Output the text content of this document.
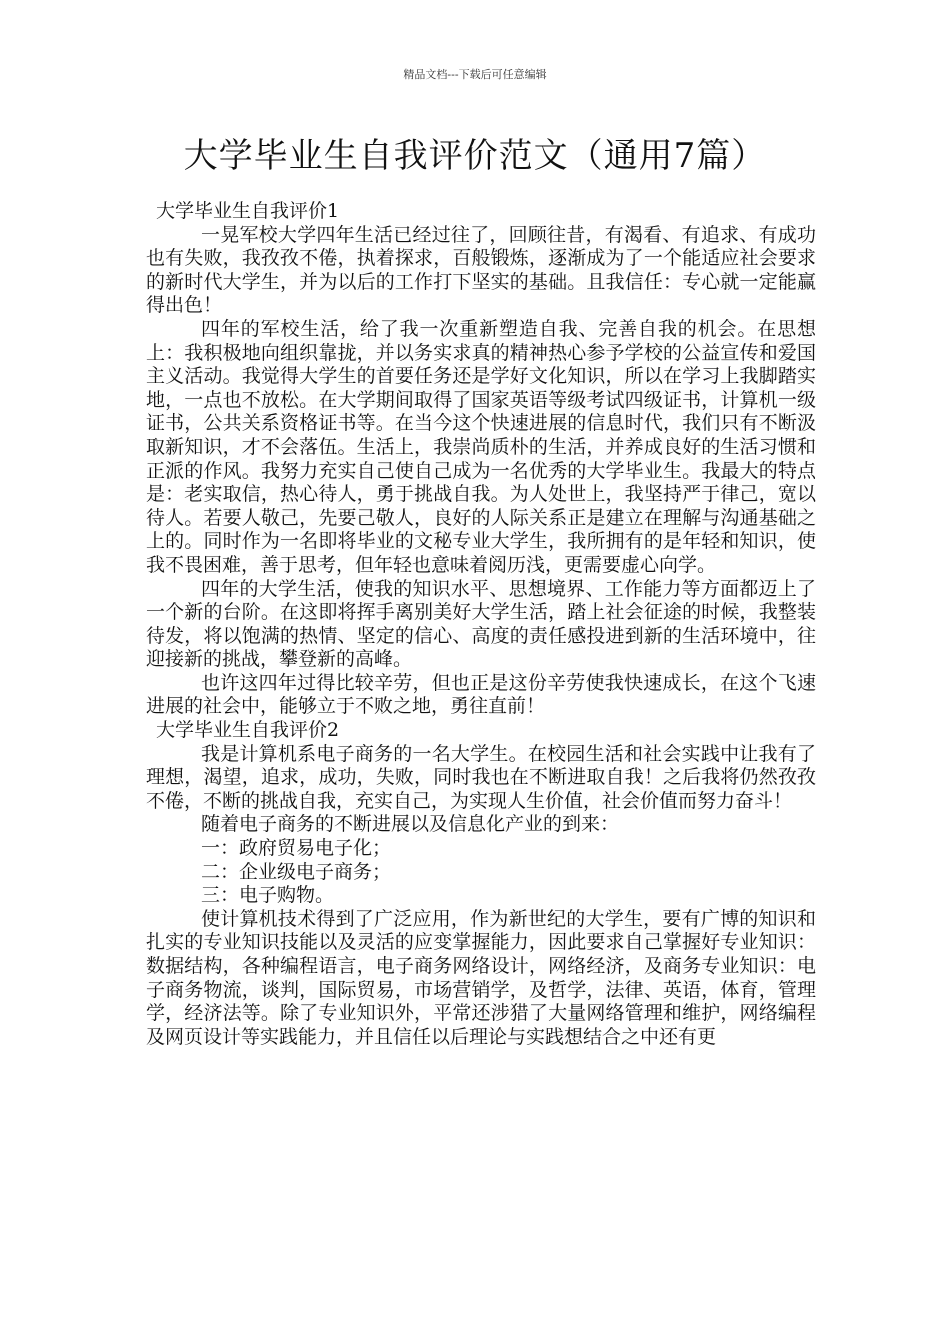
精品文档---下载后可任意编辑
大学毕业生自我评价范文（通用7篇）

大学毕业生自我评价1

一晃军校大学四年生活已经过往了，回顾往昔，有渴看、有追求、有成功也有失败，我孜孜不倦，执着探求，百般锻炼，逐渐成为了一个能适应社会要求的新时代大学生，并为以后的工作打下坚实的基础。且我信任：专心就一定能赢得出色！

四年的军校生活，给了我一次重新塑造自我、完善自我的机会。在思想上：我积极地向组织靠拢，并以务实求真的精神热心参予学校的公益宣传和爱国主义活动。我觉得大学生的首要任务还是学好文化知识，所以在学习上我脚踏实地，一点也不放松。在大学期间取得了国家英语等级考试四级证书，计算机一级证书，公共关系资格证书等。在当今这个快速进展的信息时代，我们只有不断汲取新知识，才不会落伍。生活上，我崇尚质朴的生活，并养成良好的生活习惯和正派的作风。我努力充实自己使自己成为一名优秀的大学毕业生。我最大的特点是：老实取信，热心待人，勇于挑战自我。为人处世上，我坚持严于律己，宽以待人。若要人敬己，先要己敬人，良好的人际关系正是建立在理解与沟通基础之上的。同时作为一名即将毕业的文秘专业大学生，我所拥有的是年轻和知识，使我不畏困难，善于思考，但年轻也意味着阅历浅，更需要虚心向学。

四年的大学生活，使我的知识水平、思想境界、工作能力等方面都迈上了一个新的台阶。在这即将挥手离别美好大学生活，踏上社会征途的时候，我整装待发，将以饱满的热情、坚定的信心、高度的责任感投进到新的生活环境中，往迎接新的挑战，攀登新的高峰。

也许这四年过得比较辛劳，但也正是这份辛劳使我快速成长，在这个飞速进展的社会中，能够立于不败之地，勇往直前！

大学毕业生自我评价2

我是计算机系电子商务的一名大学生。在校园生活和社会实践中让我有了理想，渴望，追求，成功，失败，同时我也在不断进取自我！之后我将仍然孜孜不倦，不断的挑战自我，充实自己，为实现人生价值，社会价值而努力奋斗！

随着电子商务的不断进展以及信息化产业的到来：

一：政府贸易电子化；

二：企业级电子商务；

三：电子购物。

使计算机技术得到了广泛应用，作为新世纪的大学生，要有广博的知识和扎实的专业知识技能以及灵活的应变掌握能力，因此要求自己掌握好专业知识：数据结构，各种编程语言，电子商务网络设计，网络经济，及商务专业知识：电子商务物流，谈判，国际贸易，市场营销学，及哲学，法律、英语，体育，管理学，经济法等。除了专业知识外，平常还涉猎了大量网络管理和维护，网络编程及网页设计等实践能力，并且信任以后理论与实践想结合之中还有更
